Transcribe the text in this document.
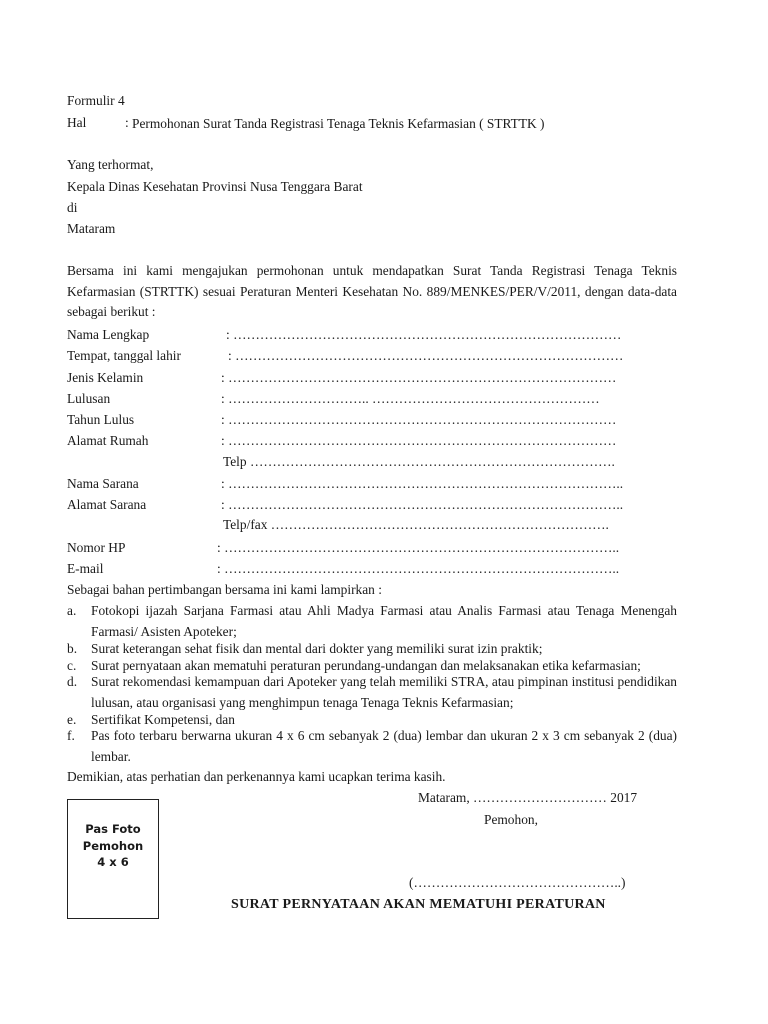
Formulir 4
Hal	: Permohonan Surat Tanda Registrasi Tenaga Teknis Kefarmasian ( STRTTK )
Yang terhormat,
Kepala Dinas Kesehatan Provinsi Nusa Tenggara Barat
di
Mataram
Bersama ini kami mengajukan permohonan untuk mendapatkan Surat Tanda Registrasi Tenaga Teknis Kefarmasian (STRTTK) sesuai Peraturan Menteri Kesehatan No. 889/MENKES/PER/V/2011, dengan data-data sebagai berikut :
Nama Lengkap	: ……………………………………………………………………………
Tempat, tanggal lahir	: ……………………………………………………………………………
Jenis Kelamin	: ……………………………………………………………………………
Lulusan	: ………………………….. ……………………………………………
Tahun Lulus	: ……………………………………………………………………………
Alamat Rumah	: ……………………………………………………………………………
Telp ……………………………………………………………………….
Nama Sarana	: ……………………………………………………………………………..
Alamat Sarana	: ……………………………………………………………………………..
Telp/fax ………………………………………………………………….
Nomor HP	: ……………………………………………………………………………..
E-mail	: ……………………………………………………………………………..
Sebagai bahan pertimbangan bersama ini kami lampirkan :
a. Fotokopi ijazah Sarjana Farmasi atau Ahli Madya Farmasi atau Analis Farmasi atau Tenaga Menengah Farmasi/ Asisten Apoteker;
b. Surat keterangan sehat fisik dan mental dari dokter yang memiliki surat izin praktik;
c. Surat pernyataan akan mematuhi peraturan perundang-undangan dan melaksanakan etika kefarmasian;
d. Surat rekomendasi kemampuan dari Apoteker yang telah memiliki STRA, atau pimpinan institusi pendidikan lulusan, atau organisasi yang menghimpun tenaga Tenaga Teknis Kefarmasian;
e. Sertifikat Kompetensi, dan
f. Pas foto terbaru berwarna ukuran 4 x 6 cm sebanyak 2 (dua) lembar dan ukuran 2 x 3 cm sebanyak 2 (dua) lembar.
Demikian, atas perhatian dan perkenannya kami ucapkan terima kasih.
Pas Foto
Pemohon
4 x 6
Mataram, ………………………… 2017
Pemohon,
(………………………………………..)
SURAT PERNYATAAN AKAN MEMATUHI PERATURAN
